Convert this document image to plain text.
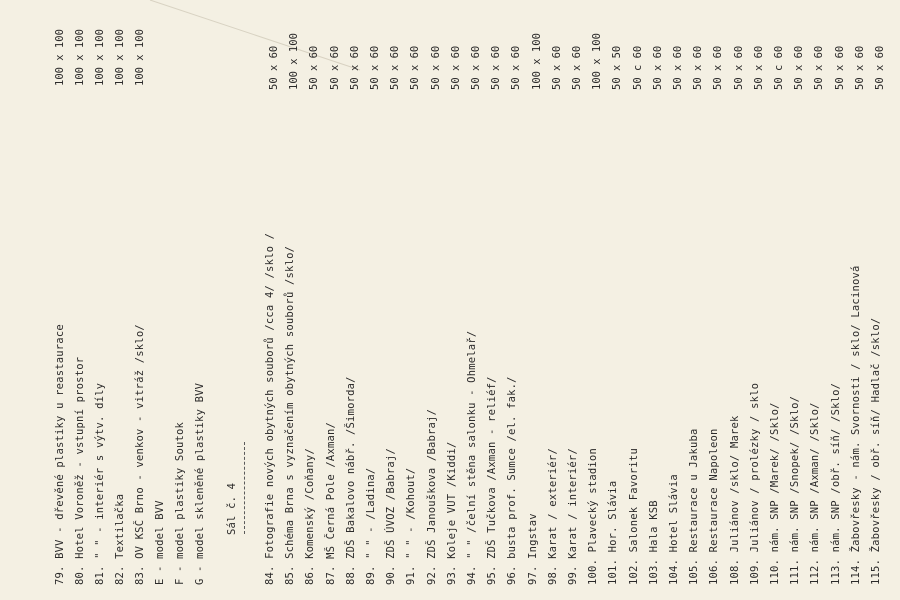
79. BVV - dřevěné plastiky u reastaurace
80. Hotel Voroněž - vstupní prostor
81. " " - interiér s výtv. díly
82. Textilačka
83. OV KSČ Brno - venkov - vitráž /sklo/
E - model BVV
F - model plastiky Soutok
G - model skleněné plastiky BVV
100 x 100 100 x 100 100 x 100 100 x 100 100 x 100
Sál č. 4
84. Fotografie nových obytných souborů /cca 4/ /sklo /
85. Schéma Brna s vyznačením obytných souborů /sklo/
86. Komenský /Coňany/
87. MŠ Černá Pole /Axman/
88. ZDŠ Bakalovo nábř. /Šimorda/
89. " " - /Ladina/
90. ZDŠ ÚVOZ /Babraj/
91. " " - /Kohout/
92. ZDŠ Janouškova /Babraj/
93. Koleje VUT /Kiddi/
94. " " /čelní stěna salonku - Ohmelař/
95. ZDŠ Tučkova /Axman - reliéf/
96. busta prof. Sumce /el. fak./
97. Ingstav
98. Karat / exteriér/
99. Karat / interiér/
100. Plavecký stadion
101. Hor. Slávia
102. Salonek Favoritu
103. Hala KSB
104. Hotel Slávia
105. Restaurace u Jakuba
106. Restaurace Napoleon
108. Juliánov /sklo/ Marek
109. Juliánov / prolézky / sklo
110. nám. SNP /Marek/ /Sklo/
111. nám. SNP /Snopek/ /Sklo/
112. nám. SNP /Axman/ /Sklo/
113. nám. SNP /obř. síň/ /Sklo/
114. Žabovřesky - nám. Svornosti / sklo/ Lacinová
115. Žabovřesky / obř. síň/ Hadlač /sklo/
50 x 60 100 x 100 50 x 60 50 x 60 50 x 60 50 x 60 50 x 60 50 x 60 50 x 60 50 x 60 50 x 60 50 x 60 50 x 60 100 x 100 50 x 60 50 x 60 100 x 100 50 x 50 50 c 60 50 x 60 50 x 60 50 x 60 50 x 60 50 x 60 50 x 60 50 c 60 50 x 60 50 x 60 50 x 60 50 x 60 50 x 60
